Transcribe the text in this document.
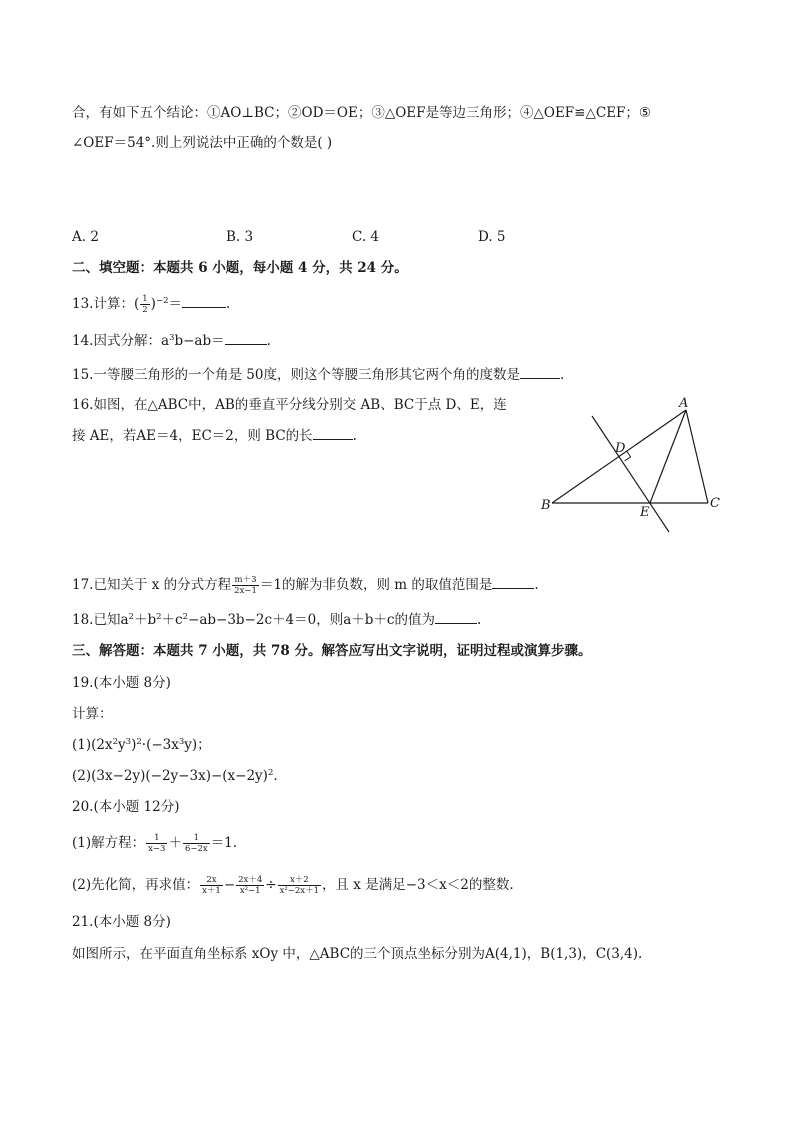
合，有如下五个结论：①AO⊥BC；②OD＝OE；③△OEF是等边三角形；④△OEF≌△CEF；⑤
∠OEF＝54°.则上列说法中正确的个数是( )
A. 2	B. 3	C. 4	D. 5
二、填空题：本题共 6 小题，每小题 4 分，共 24 分。
13.计算：( $\frac{1}{2} )^{-2}=$	.
14.因式分解：$a^3b-ab=$	.
15.一等腰三角形的一个角是 50度，则这个等腰三角形其它两个角的度数是	.
16.如图，在△ABC中，AB的垂直平分线分别交 AB、BC于点 D、E，连
接 AE，若AE＝4，EC＝2，则 BC的长	.
A
B	C
D
E
17.已知关于 x 的分式方程 $\frac{m+3}{2x-1} =1$的解为非负数，则 m 的取值范围是	.
18.已知$a^2+b^2+c^2-ab-3b-2c+4=0$，则a＋b＋c的值为	.
三、解答题：本题共 7 小题，共 78 分。解答应写出文字说明，证明过程或演算步骤。
19.(本小题 8分)
计算：
$(1)(2x^2y^3)^2\cdot(-3x^3y)$；
$(2)(3x-2y)(-2y-3x)-(x-2y)^2$.
20.(本小题 12分)
(1)解方程： $\frac{1}{x-3} + \frac{1}{6-2x} =1$.
(2)先化简，再求值： $\frac{2x}{x+1} - \frac{2x+4}{\text{x²−1}} \div \frac{x+2}{\text{x²−2x＋1}}$ ，且 x 是满足−3＜x＜2的整数.
21.(本小题 8分)
如图所示，在平面直角坐标系 xOy 中，△ABC的三个顶点坐标分别为A(4,1)，B(1,3)，C(3,4).
